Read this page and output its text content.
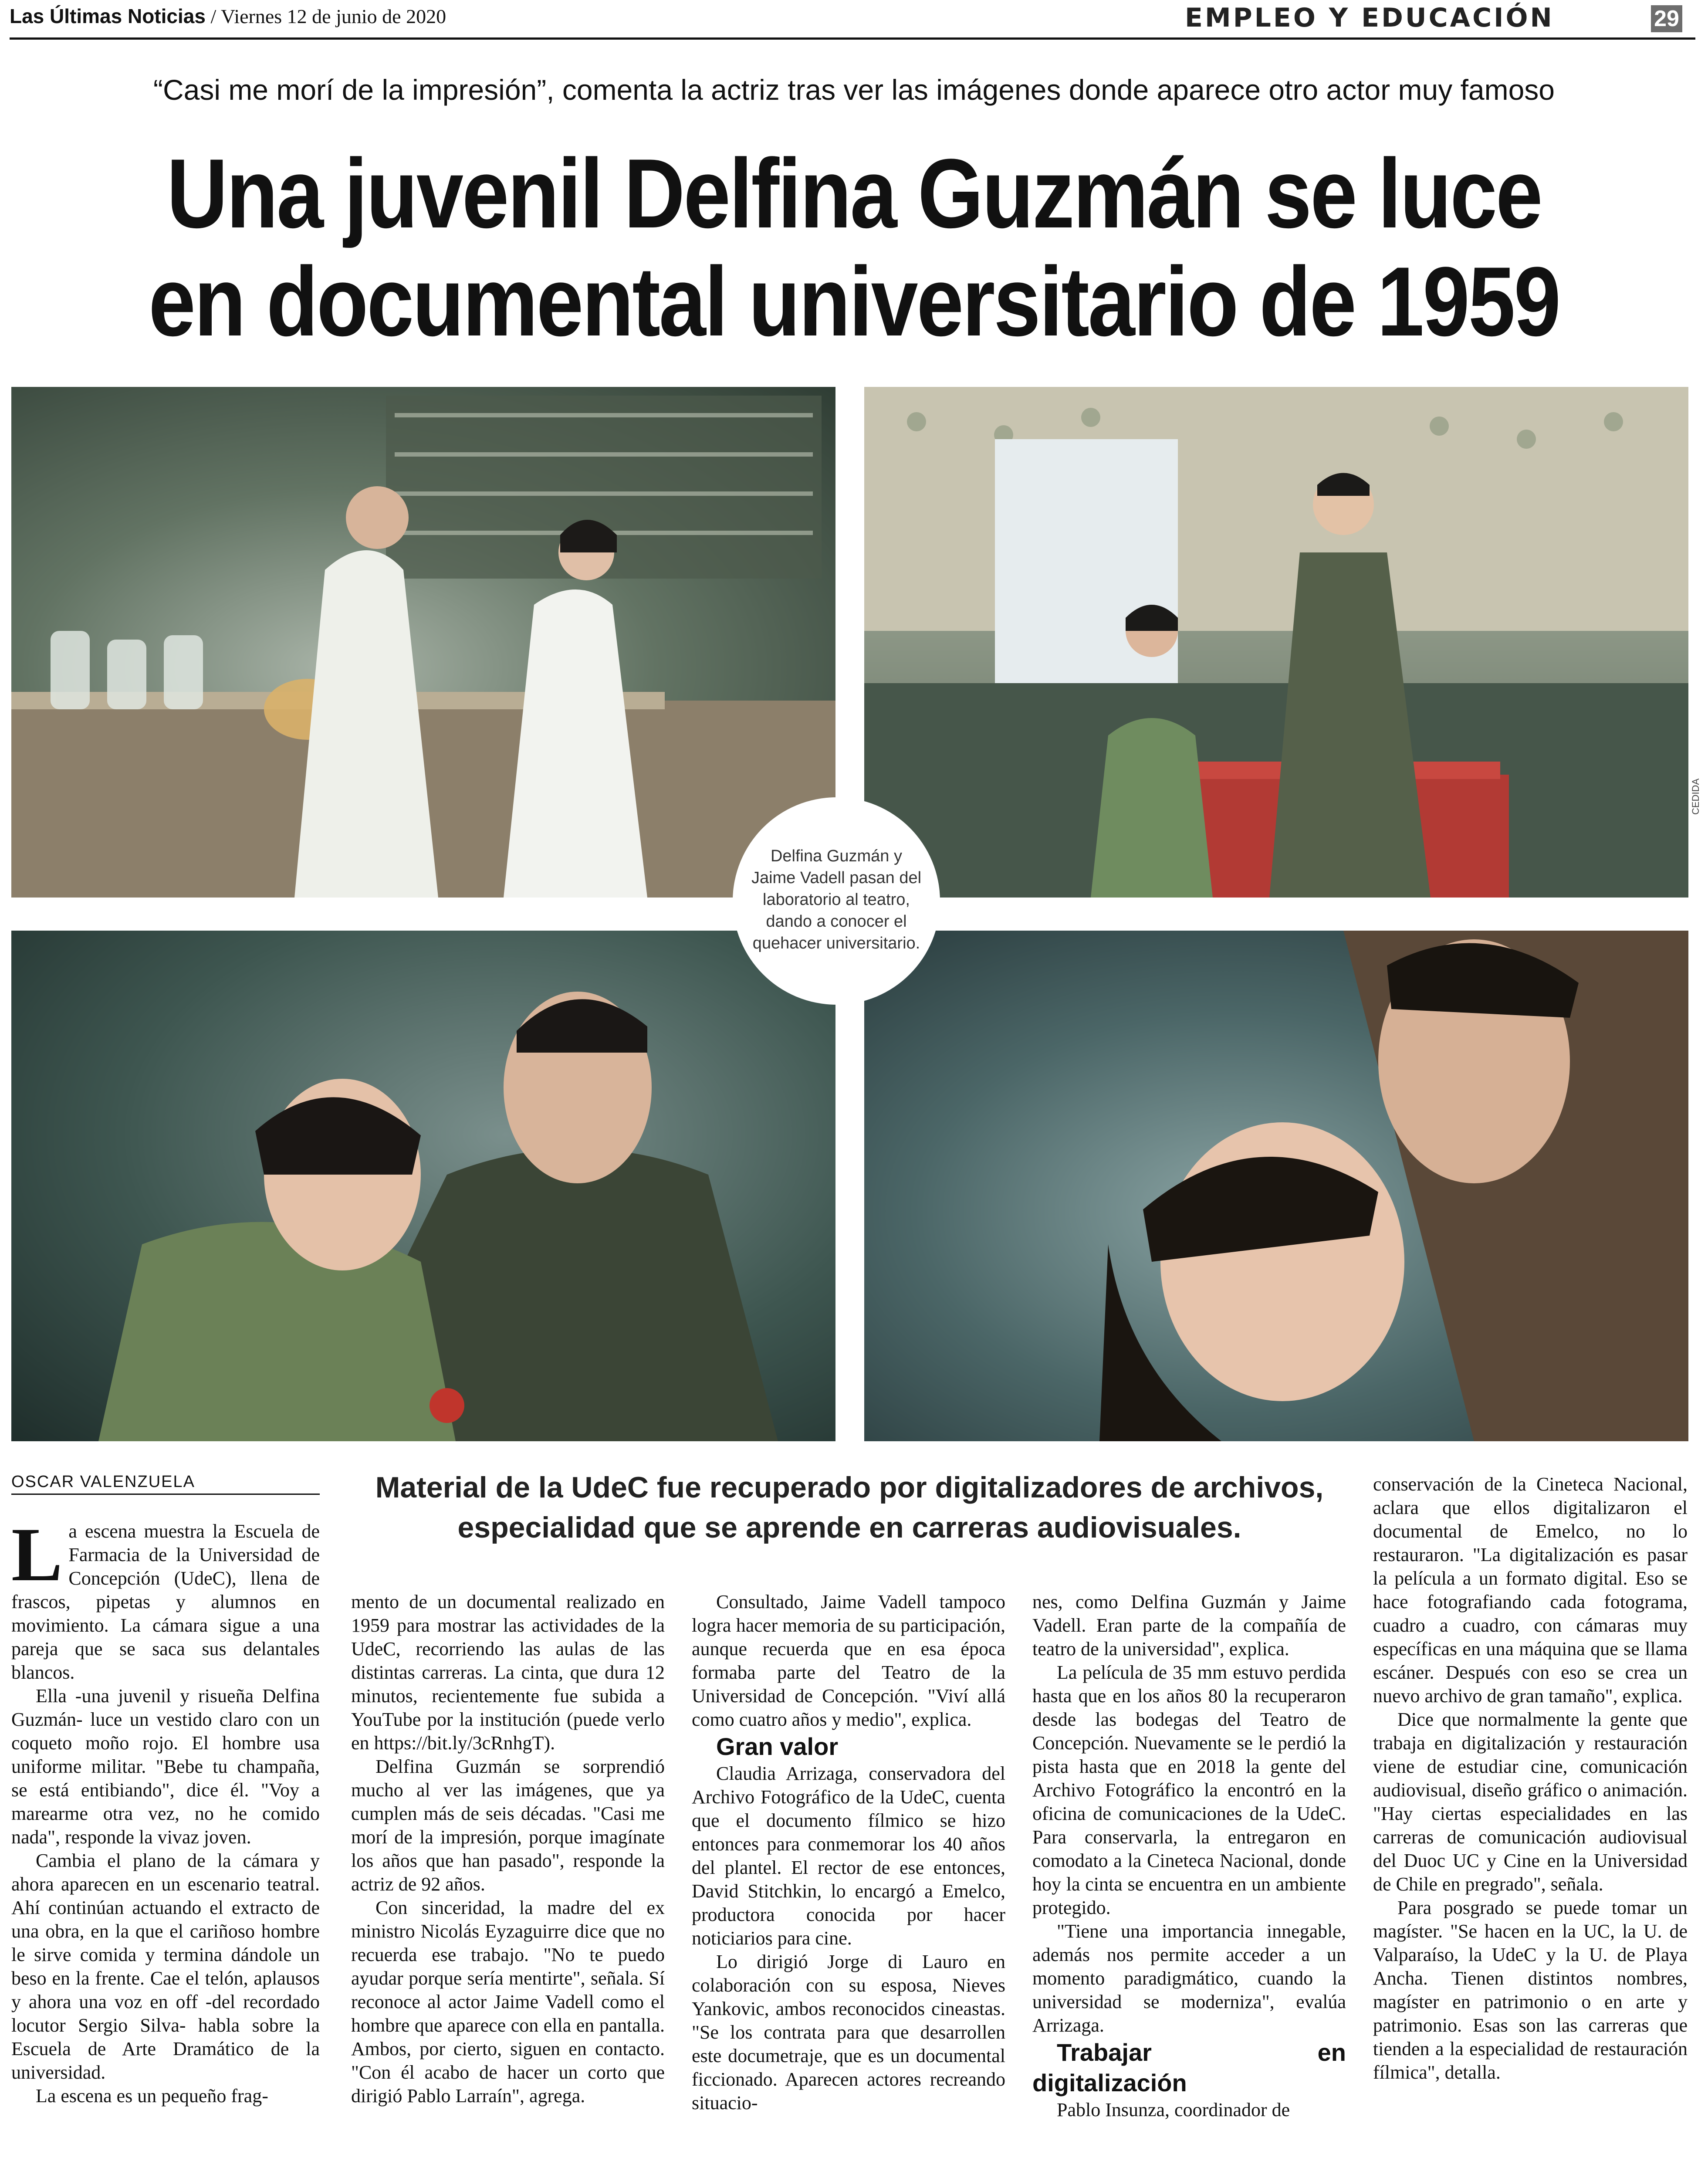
Las Últimas Noticias / Viernes 12 de junio de 2020	EMPLEO Y EDUCACIÓN	29
“Casi me morí de la impresión”, comenta la actriz tras ver las imágenes donde aparece otro actor muy famoso
Una juvenil Delfina Guzmán se luce en documental universitario de 1959
Delfina Guzmán y Jaime Vadell pasan del laboratorio al teatro, dando a conocer el quehacer universitario.
CEDIDA
OSCAR VALENZUELA	Material de la UdeC fue recuperado por digitalizadores de archivos, especialidad que se aprende en carreras audiovisuales.

La escena muestra la Escuela de Farmacia de la Universidad de Concepción (UdeC), llena de frascos, pipetas y alumnos en movimiento. La cámara sigue a una pareja que se saca sus delantales blancos.

Ella -una juvenil y risueña Delfina Guzmán- luce un vestido claro con un coqueto moño rojo. El hombre usa uniforme militar. "Bebe tu champaña, se está entibiando", dice él. "Voy a marearme otra vez, no he comido nada", responde la vivaz joven.

Cambia el plano de la cámara y ahora aparecen en un escenario teatral. Ahí continúan actuando el extracto de una obra, en la que el cariñoso hombre le sirve comida y termina dándole un beso en la frente. Cae el telón, aplausos y ahora una voz en off -del recordado locutor Sergio Silva- habla sobre la Escuela de Arte Dramático de la universidad.

La escena es un pequeño frag-

mento de un documental realizado en 1959 para mostrar las actividades de la UdeC, recorriendo las aulas de las distintas carreras. La cinta, que dura 12 minutos, recientemente fue subida a YouTube por la institución (puede verlo en https://bit.ly/3cRnhgT).

Delfina Guzmán se sorprendió mucho al ver las imágenes, que ya cumplen más de seis décadas. "Casi me morí de la impresión, porque imagínate los años que han pasado", responde la actriz de 92 años.

Con sinceridad, la madre del ex ministro Nicolás Eyzaguirre dice que no recuerda ese trabajo. "No te puedo ayudar porque sería mentirte", señala. Sí reconoce al actor Jaime Vadell como el hombre que aparece con ella en pantalla. Ambos, por cierto, siguen en contacto. "Con él acabo de hacer un corto que dirigió Pablo Larraín", agrega.

Consultado, Jaime Vadell tampoco logra hacer memoria de su participación, aunque recuerda que en esa época formaba parte del Teatro de la Universidad de Concepción. "Viví allá como cuatro años y medio", explica.

Gran valor

Claudia Arrizaga, conservadora del Archivo Fotográfico de la UdeC, cuenta que el documento fílmico se hizo entonces para conmemorar los 40 años del plantel. El rector de ese entonces, David Stitchkin, lo encargó a Emelco, productora conocida por hacer noticiarios para cine.

Lo dirigió Jorge di Lauro en colaboración con su esposa, Nieves Yankovic, ambos reconocidos cineastas. "Se los contrata para que desarrollen este documetraje, que es un documental ficcionado. Aparecen actores recreando situacio-

nes, como Delfina Guzmán y Jaime Vadell. Eran parte de la compañía de teatro de la universidad", explica.

La película de 35 mm estuvo perdida hasta que en los años 80 la recuperaron desde las bodegas del Teatro de Concepción. Nuevamente se le perdió la pista hasta que en 2018 la gente del Archivo Fotográfico la encontró en la oficina de comunicaciones de la UdeC. Para conservarla, la entregaron en comodato a la Cineteca Nacional, donde hoy la cinta se encuentra en un ambiente protegido.

"Tiene una importancia innegable, además nos permite acceder a un momento paradigmático, cuando la universidad se moderniza", evalúa Arrizaga.

Trabajar en digitalización

Pablo Insunza, coordinador de

conservación de la Cineteca Nacional, aclara que ellos digitalizaron el documental de Emelco, no lo restauraron. "La digitalización es pasar la película a un formato digital. Eso se hace fotografiando cada fotograma, cuadro a cuadro, con cámaras muy específicas en una máquina que se llama escáner. Después con eso se crea un nuevo archivo de gran tamaño", explica.

Dice que normalmente la gente que trabaja en digitalización y restauración viene de estudiar cine, comunicación audiovisual, diseño gráfico o animación. "Hay ciertas especialidades en las carreras de comunicación audiovisual del Duoc UC y Cine en la Universidad de Chile en pregrado", señala.

Para posgrado se puede tomar un magíster. "Se hacen en la UC, la U. de Valparaíso, la UdeC y la U. de Playa Ancha. Tienen distintos nombres, magíster en patrimonio o en arte y patrimonio. Esas son las carreras que tienden a la especialidad de restauración fílmica", detalla.
